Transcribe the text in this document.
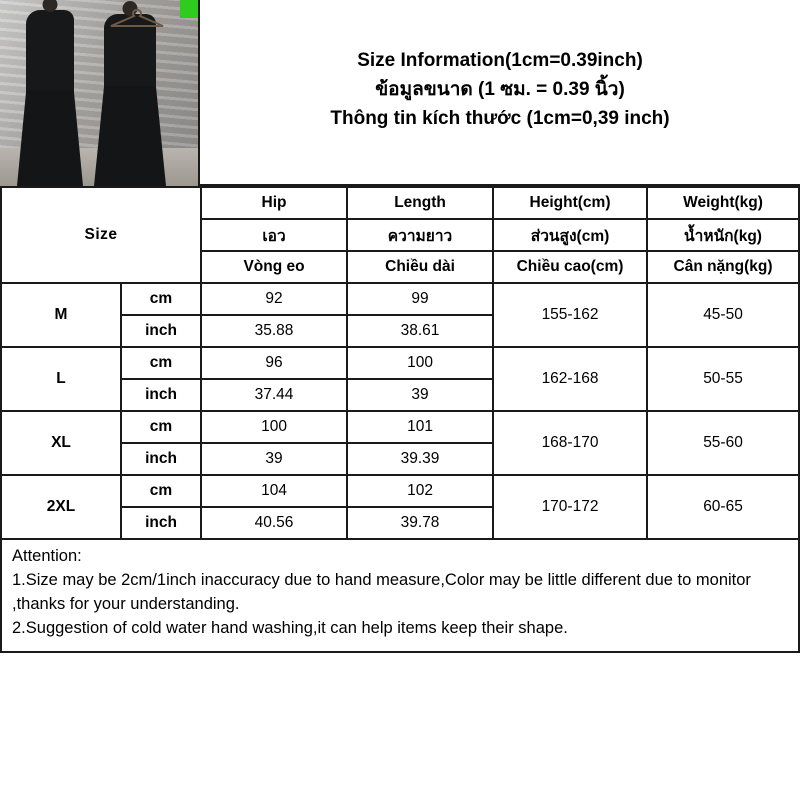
Size Information(1cm=0.39inch)
ข้อมูลขนาด (1 ซม. = 0.39 นิ้ว)
Thông tin kích thước (1cm=0,39 inch)
Size		Hip	Length	Height(cm)	Weight(kg)
		เอว	ความยาว	ส่วนสูง(cm)	น้ำหนัก(kg)
		Vòng eo	Chiều dài	Chiều cao(cm)	Cân nặng(kg)
M	cm	92	99	155-162	45-50
	inch	35.88	38.61		
L	cm	96	100	162-168	50-55
	inch	37.44	39		
XL	cm	100	101	168-170	55-60
	inch	39	39.39		
2XL	cm	104	102	170-172	60-65
	inch	40.56	39.78		
Attention:
1.Size may be 2cm/1inch inaccuracy due to hand measure,Color may be little different due to monitor ,thanks for your understanding.
2.Suggestion of cold water hand washing,it can help items keep their shape.
